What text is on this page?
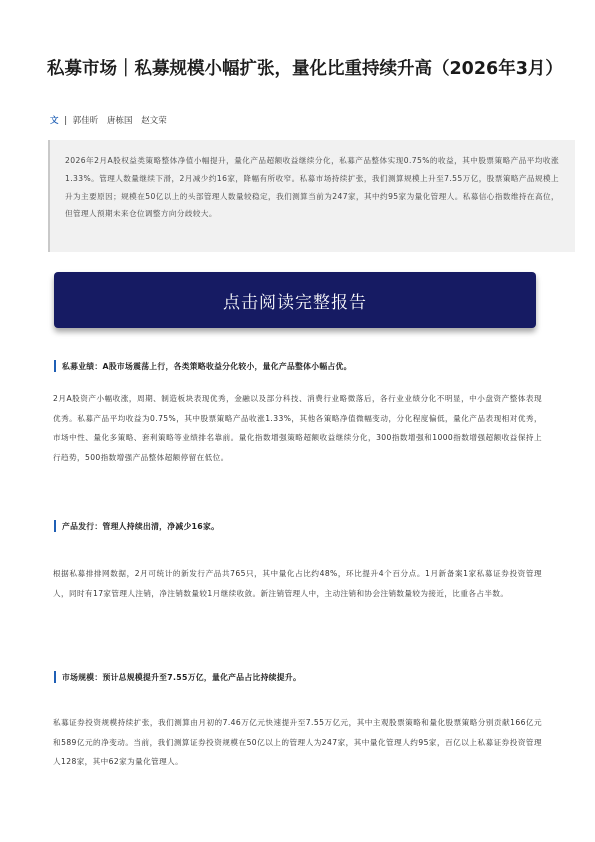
私募市场｜私募规模小幅扩张，量化比重持续升高（2026年3月）
文 | 郭佳昕 唐栋国 赵文荣

2026年2月A股权益类策略整体净值小幅提升，量化产品超额收益继续分化，私募产品整体实现0.75%的收益，其中股票策略产品平均收涨1.33%。管理人数量继续下滑，2月减少约16家，降幅有所收窄。私募市场持续扩张，我们测算规模上升至7.55万亿，股票策略产品规模上升为主要原因；规模在50亿以上的头部管理人数量较稳定，我们测算当前为247家，其中约95家为量化管理人。私募信心指数维持在高位，但管理人预期未来仓位调整方向分歧较大。

点击阅读完整报告
私募业绩：A股市场震荡上行，各类策略收益分化较小，量化产品整体小幅占优。

2月A股资产小幅收涨，周期、制造板块表现优秀，金融以及部分科技、消费行业略微落后，各行业业绩分化不明显，中小盘资产整体表现优秀。私募产品平均收益为0.75%，其中股票策略产品收涨1.33%，其他各策略净值微幅变动，分化程度偏低，量化产品表现相对优秀，市场中性、量化多策略、套利策略等业绩排名靠前。量化指数增强策略超额收益继续分化，300指数增强和1000指数增强超额收益保持上行趋势，500指数增强产品整体超额停留在低位。

产品发行：管理人持续出清，净减少16家。

根据私募排排网数据，2月可统计的新发行产品共765只，其中量化占比约48%，环比提升4个百分点。1月新备案1家私募证券投资管理人，同时有17家管理人注销，净注销数量较1月继续收敛。新注销管理人中，主动注销和协会注销数量较为接近，比重各占半数。

市场规模：预计总规模提升至7.55万亿，量化产品占比持续提升。

私募证券投资规模持续扩张，我们测算由月初的7.46万亿元快速提升至7.55万亿元，其中主观股票策略和量化股票策略分别贡献166亿元和589亿元的净变动。当前，我们测算证券投资规模在50亿以上的管理人为247家，其中量化管理人约95家，百亿以上私募证券投资管理人128家，其中62家为量化管理人。
